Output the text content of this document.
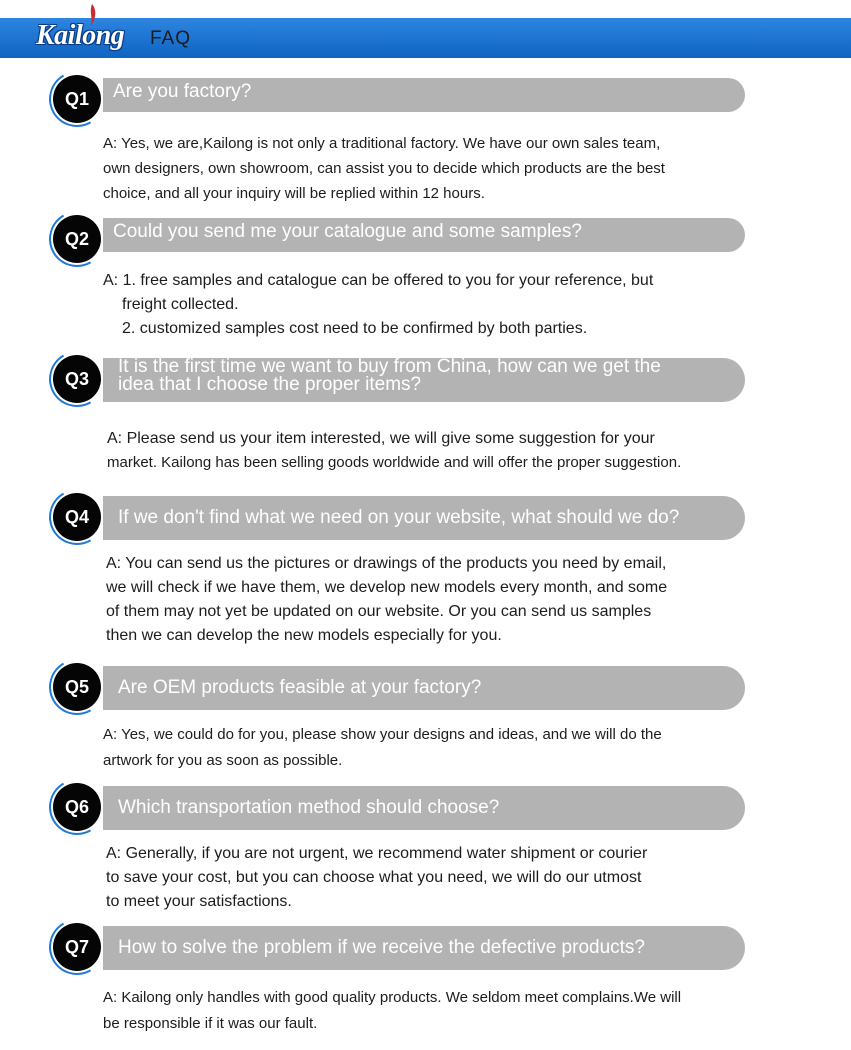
Kailong FAQ
Q1	Are you factory?
A: Yes, we are,Kailong is not only a traditional factory. We have our own sales team,
own designers, own showroom, can assist you to decide which products are the best
choice, and all your inquiry will be replied within 12 hours.
Q2	Could you send me your catalogue and some samples?
A: 1. free samples and catalogue can be offered to you for your reference, but
freight collected.
2. customized samples cost need to be confirmed by both parties.
Q3
It is the first time we want to buy from China, how can we get the
idea that I choose the proper items?
A: Please send us your item interested, we will give some suggestion for your
market. Kailong has been selling goods worldwide and will offer the proper suggestion.
Q4	If we don't find what we need on your website, what should we do?
A: You can send us the pictures or drawings of the products you need by email,
we will check if we have them, we develop new models every month, and some
of them may not yet be updated on our website. Or you can send us samples
then we can develop the new models especially for you.
Q5	Are OEM products feasible at your factory?
A: Yes, we could do for you, please show your designs and ideas, and we will do the
artwork for you as soon as possible.
Q6	Which transportation method should choose?
A: Generally, if you are not urgent, we recommend water shipment or courier
to save your cost, but you can choose what you need, we will do our utmost
to meet your satisfactions.
Q7	How to solve the problem if we receive the defective products?
A: Kailong only handles with good quality products. We seldom meet complains.We will
be responsible if it was our fault.
